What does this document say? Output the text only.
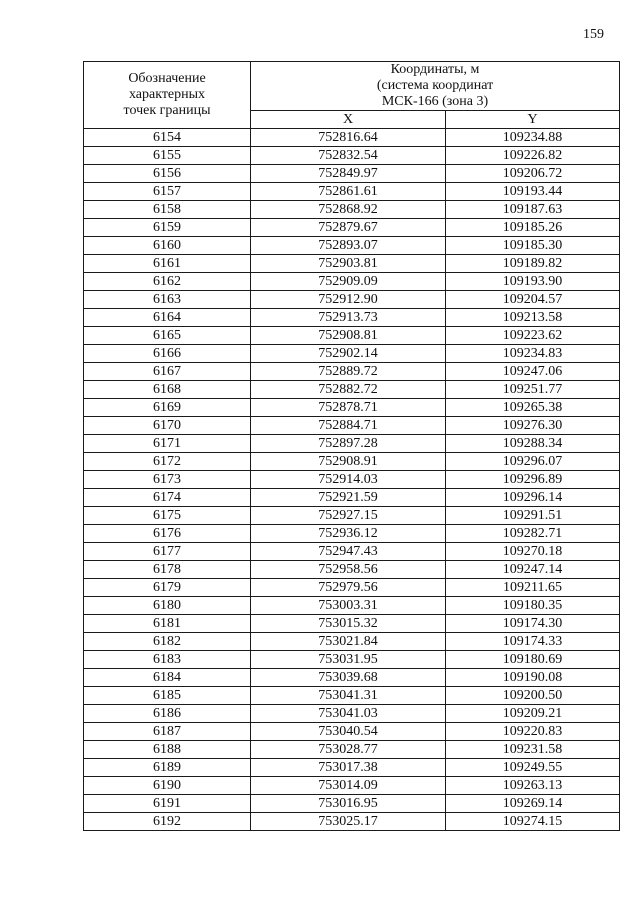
159
Обозначение
характерных
точек границы	Координаты, м
(система координат
МСК-166 (зона 3)	

	X	Y
6154	752816.64	109234.88
6155	752832.54	109226.82
6156	752849.97	109206.72
6157	752861.61	109193.44
6158	752868.92	109187.63
6159	752879.67	109185.26
6160	752893.07	109185.30
6161	752903.81	109189.82
6162	752909.09	109193.90
6163	752912.90	109204.57
6164	752913.73	109213.58
6165	752908.81	109223.62
6166	752902.14	109234.83
6167	752889.72	109247.06
6168	752882.72	109251.77
6169	752878.71	109265.38
6170	752884.71	109276.30
6171	752897.28	109288.34
6172	752908.91	109296.07
6173	752914.03	109296.89
6174	752921.59	109296.14
6175	752927.15	109291.51
6176	752936.12	109282.71
6177	752947.43	109270.18
6178	752958.56	109247.14
6179	752979.56	109211.65
6180	753003.31	109180.35
6181	753015.32	109174.30
6182	753021.84	109174.33
6183	753031.95	109180.69
6184	753039.68	109190.08
6185	753041.31	109200.50
6186	753041.03	109209.21
6187	753040.54	109220.83
6188	753028.77	109231.58
6189	753017.38	109249.55
6190	753014.09	109263.13
6191	753016.95	109269.14
6192	753025.17	109274.15
